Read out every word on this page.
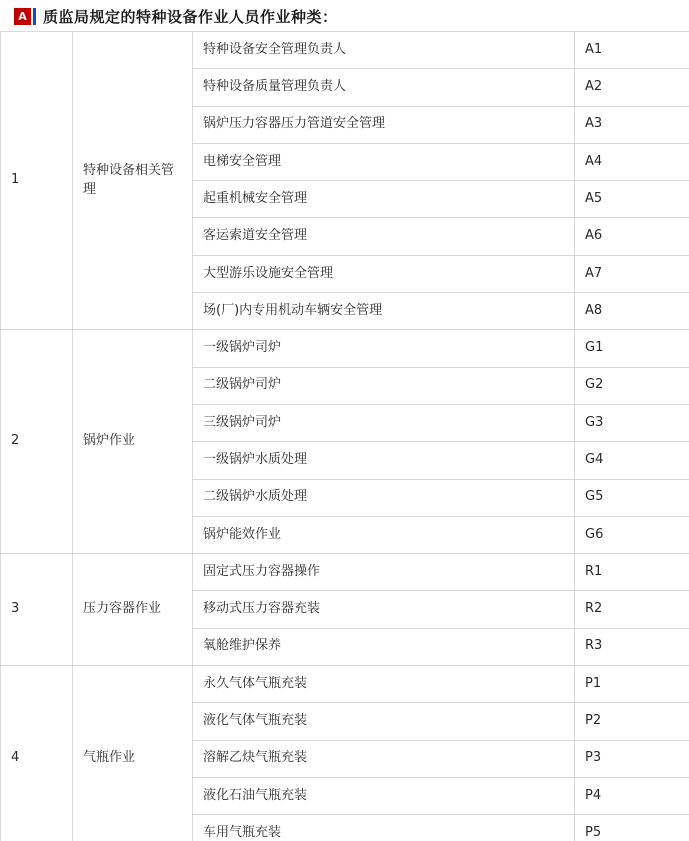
A 质监局规定的特种设备作业人员作业种类：
1	特种设备相关管理	特种设备安全管理负责人	A1
		特种设备质量管理负责人	A2
		锅炉压力容器压力管道安全管理	A3
		电梯安全管理	A4
		起重机械安全管理	A5
		客运索道安全管理	A6
		大型游乐设施安全管理	A7
		场(厂)内专用机动车辆安全管理	A8
2	锅炉作业	一级锅炉司炉	G1
		二级锅炉司炉	G2
		三级锅炉司炉	G3
		一级锅炉水质处理	G4
		二级锅炉水质处理	G5
		锅炉能效作业	G6
3	压力容器作业	固定式压力容器操作	R1
		移动式压力容器充装	R2
		氧舱维护保养	R3
4	气瓶作业	永久气体气瓶充装	P1
		液化气体气瓶充装	P2
		溶解乙炔气瓶充装	P3
		液化石油气瓶充装	P4
		车用气瓶充装	P5
